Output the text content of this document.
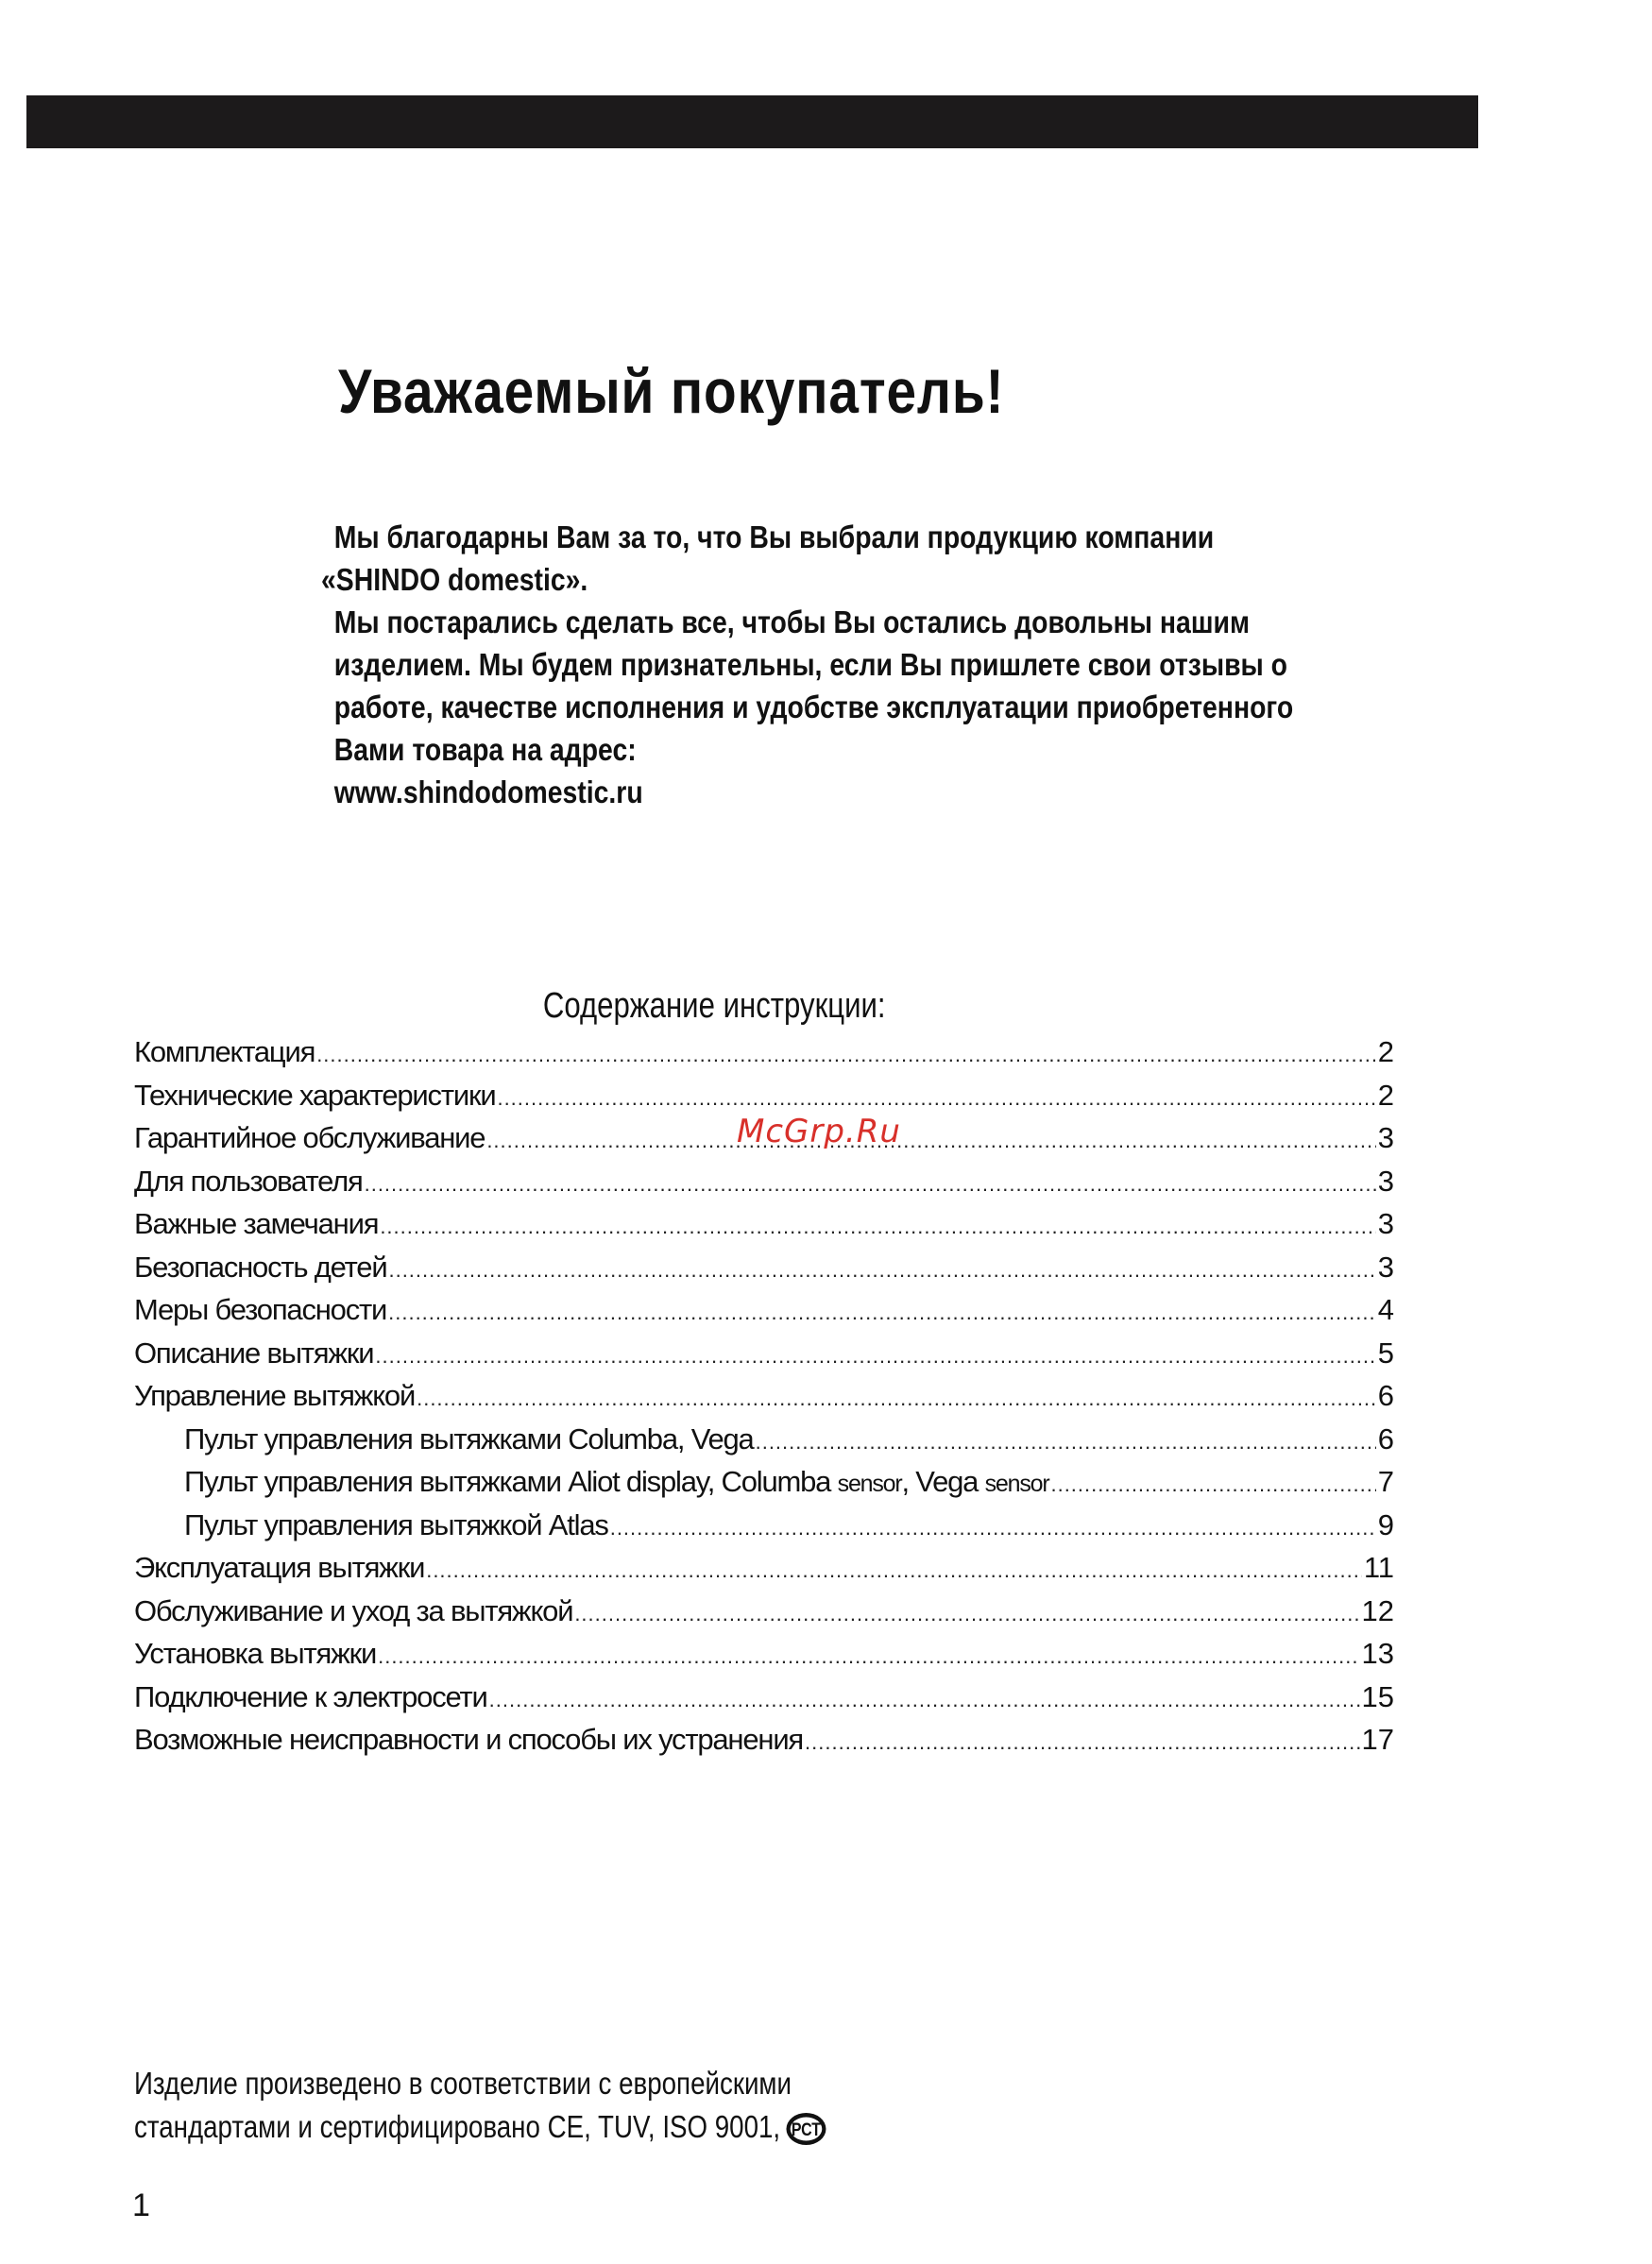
Уважаемый покупатель!
Мы благодарны Вам за то, что Вы выбрали продукцию компании
«SHINDO domestic».
Мы постарались сделать все, чтобы Вы остались довольны нашим
изделием. Мы будем признательны, если Вы пришлете свои отзывы о
работе, качестве исполнения и удобстве эксплуатации приобретенного
Вами товара на адрес:
www.shindodomestic.ru
Содержание инструкции:
Комплектация .....	2
Технические характеристики .....	2
Гарантийное обслуживание .....	3
Для пользователя .....	3
Важные замечания .....	3
Безопасность детей .....	3
Меры безопасности .....	4
Описание вытяжки .....	5
Управление вытяжкой .....	6
Пульт управления вытяжками Columba, Vega .....	6
Пульт управления вытяжками Aliot display, Columba sensor, Vega sensor .....	7
Пульт управления вытяжкой Atlas .....	9
Эксплуатация вытяжки .....	11
Обслуживание и уход за вытяжкой .....	12
Установка вытяжки .....	13
Подключение к электросети .....	15
Возможные неисправности и способы их устранения .....	17
McGrp.Ru
Изделие произведено в соответствии с европейскими
стандартами и сертифицировано CE, TUV, ISO 9001, РСТ
1
